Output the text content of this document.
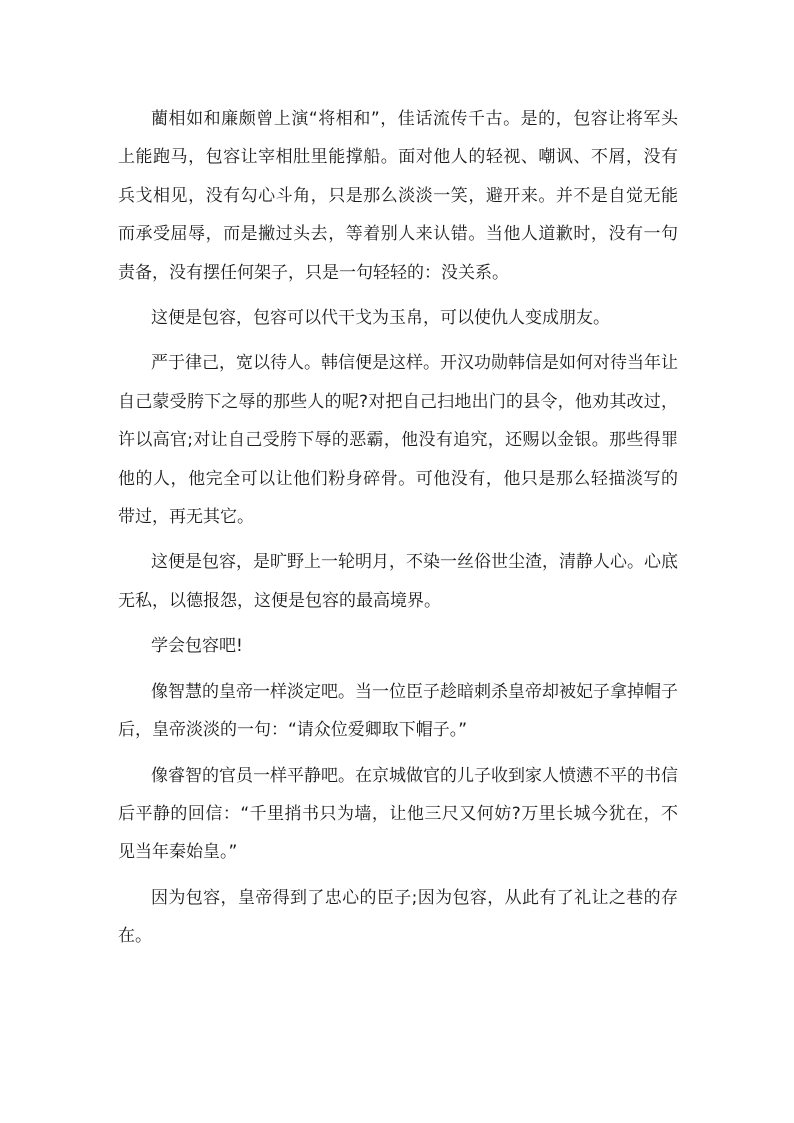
藺相如和廉颇曾上演“将相和”，佳话流传千古。是的，包容让将军头上能跑马，包容让宰相肚里能撑船。面对他人的轻视、嘲讽、不屑，没有兵戈相见，没有勾心斗角，只是那么淡淡一笑，避开来。并不是自觉无能而承受屈辱，而是撇过头去，等着别人来认错。当他人道歉时，没有一句责备，没有摆任何架子，只是一句轻轻的：没关系。

这便是包容，包容可以代干戈为玉帛，可以使仇人变成朋友。

严于律己，宽以待人。韩信便是这样。开汉功勋韩信是如何对待当年让自己蒙受胯下之辱的那些人的呢?对把自己扫地出门的县令，他劝其改过，许以高官;对让自己受胯下辱的恶霸，他没有追究，还赐以金银。那些得罪他的人，他完全可以让他们粉身碎骨。可他没有，他只是那么轻描淡写的带过，再无其它。

这便是包容，是旷野上一轮明月，不染一丝俗世尘渣，清静人心。心底无私，以德报怨，这便是包容的最高境界。

学会包容吧!

像智慧的皇帝一样淡定吧。当一位臣子趁暗刺杀皇帝却被妃子拿掉帽子后，皇帝淡淡的一句：“请众位爱卿取下帽子。”

像睿智的官员一样平静吧。在京城做官的儿子收到家人愤懑不平的书信后平静的回信：“千里捎书只为墙，让他三尺又何妨?万里长城今犹在，不见当年秦始皇。”

因为包容，皇帝得到了忠心的臣子;因为包容，从此有了礼让之巷的存在。
